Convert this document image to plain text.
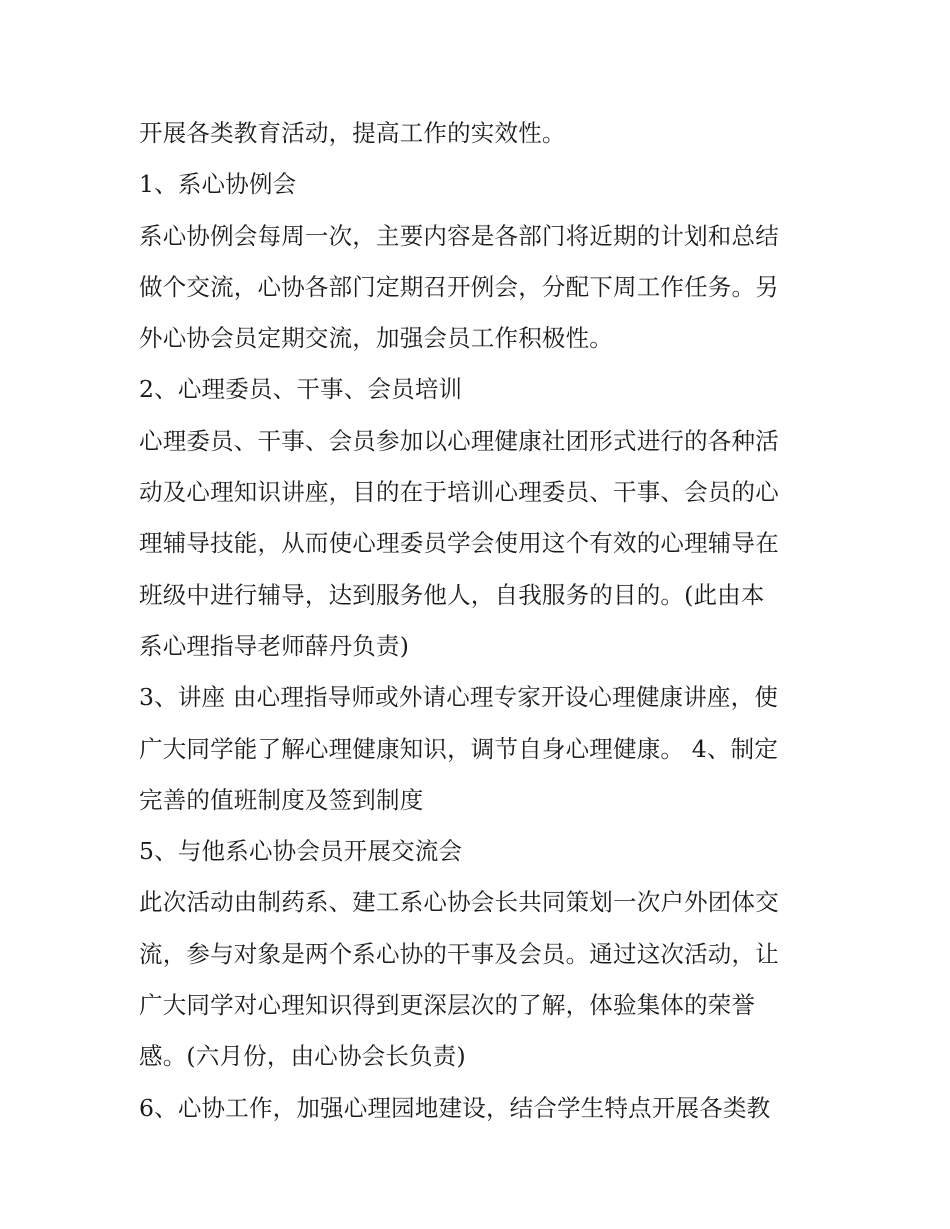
开展各类教育活动，提高工作的实效性。
1、系心协例会
系心协例会每周一次，主要内容是各部门将近期的计划和总结
做个交流，心协各部门定期召开例会，分配下周工作任务。另
外心协会员定期交流，加强会员工作积极性。
2、心理委员、干事、会员培训
心理委员、干事、会员参加以心理健康社团形式进行的各种活
动及心理知识讲座，目的在于培训心理委员、干事、会员的心
理辅导技能，从而使心理委员学会使用这个有效的心理辅导在
班级中进行辅导，达到服务他人，自我服务的目的。(此由本
系心理指导老师薛丹负责)
3、讲座 由心理指导师或外请心理专家开设心理健康讲座，使
广大同学能了解心理健康知识，调节自身心理健康。 4、制定
完善的值班制度及签到制度
5、与他系心协会员开展交流会
此次活动由制药系、建工系心协会长共同策划一次户外团体交
流，参与对象是两个系心协的干事及会员。通过这次活动，让
广大同学对心理知识得到更深层次的了解，体验集体的荣誉
感。(六月份，由心协会长负责)
6、心协工作，加强心理园地建设，结合学生特点开展各类教
